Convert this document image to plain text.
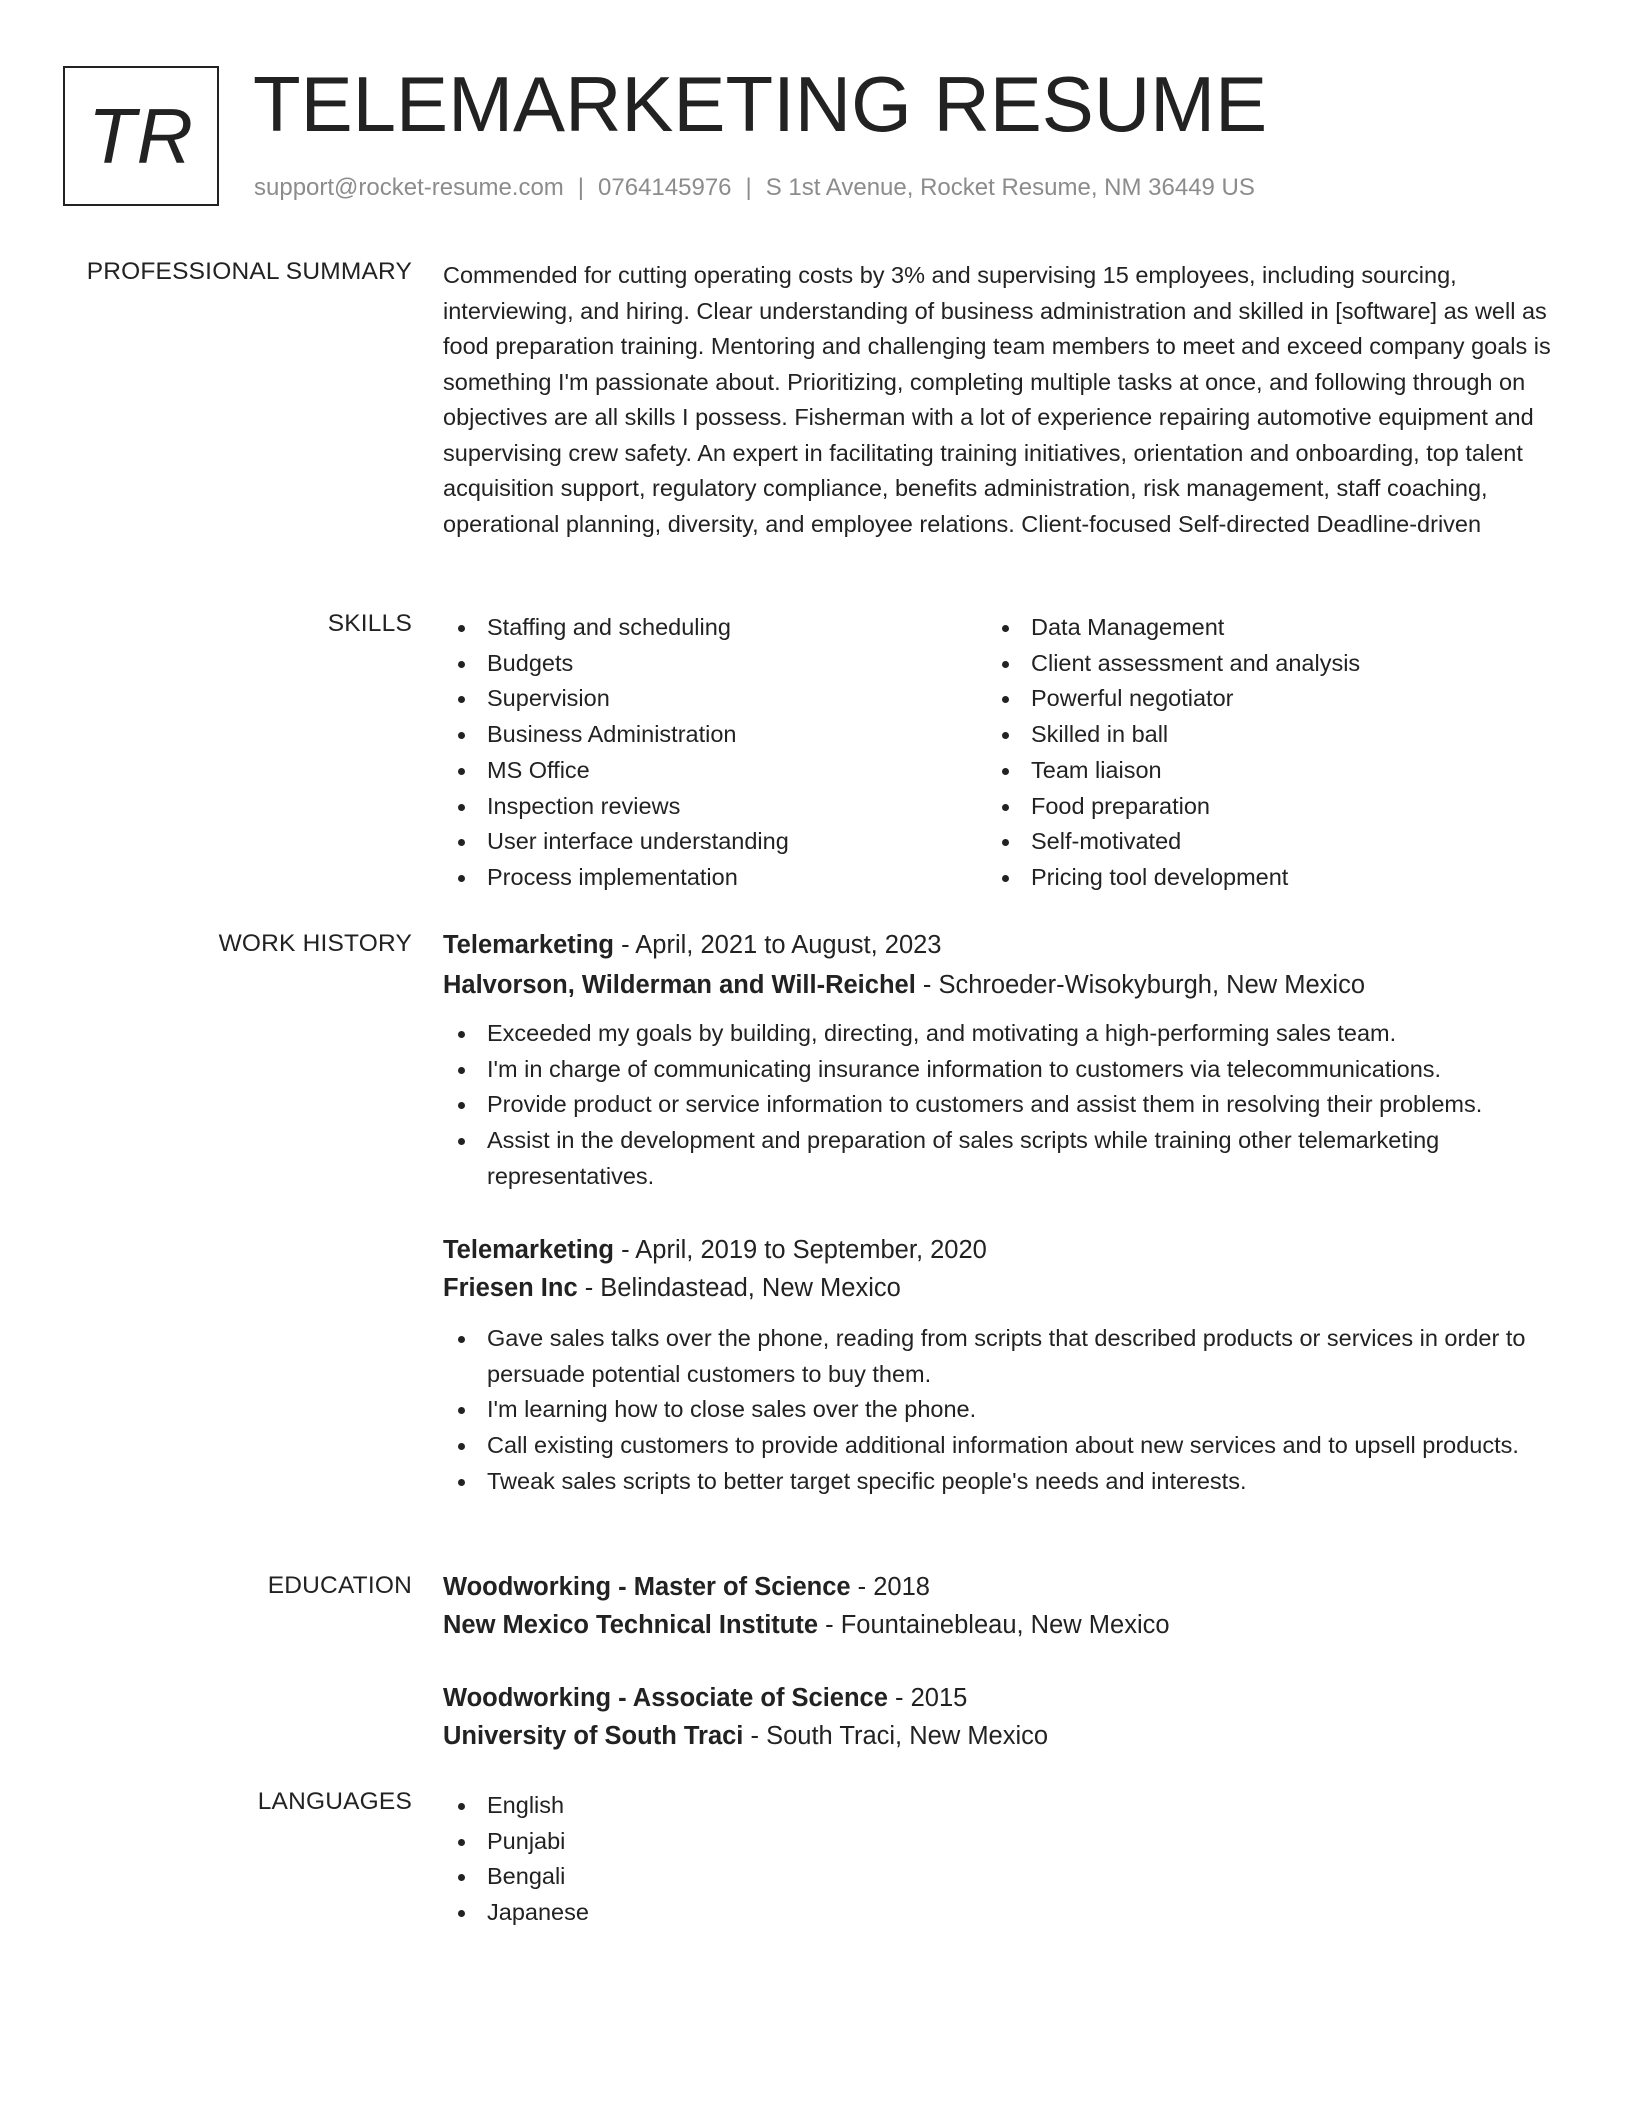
TR TELEMARKETING RESUME
support@rocket-resume.com | 0764145976 | S 1st Avenue, Rocket Resume, NM 36449 US
PROFESSIONAL SUMMARY Commended for cutting operating costs by 3% and supervising 15 employees, including sourcing, interviewing, and hiring. Clear understanding of business administration and skilled in [software] as well as food preparation training. Mentoring and challenging team members to meet and exceed company goals is something I'm passionate about. Prioritizing, completing multiple tasks at once, and following through on objectives are all skills I possess. Fisherman with a lot of experience repairing automotive equipment and supervising crew safety. An expert in facilitating training initiatives, orientation and onboarding, top talent acquisition support, regulatory compliance, benefits administration, risk management, staff coaching, operational planning, diversity, and employee relations. Client-focused Self-directed Deadline-driven
SKILLS	Staffing and scheduling
Budgets
Supervision
Business Administration
MS Office
Inspection reviews
User interface understanding
Process implementation
Data Management
Client assessment and analysis
Powerful negotiator
Skilled in ball
Team liaison
Food preparation
Self-motivated
Pricing tool development
WORK HISTORY Telemarketing - April, 2021 to August, 2023
Halvorson, Wilderman and Will-Reichel - Schroeder-Wisokyburgh, New Mexico
Exceeded my goals by building, directing, and motivating a high-performing sales team.
I'm in charge of communicating insurance information to customers via telecommunications.
Provide product or service information to customers and assist them in resolving their problems.
Assist in the development and preparation of sales scripts while training other telemarketing representatives.
Telemarketing - April, 2019 to September, 2020
Friesen Inc - Belindastead, New Mexico
Gave sales talks over the phone, reading from scripts that described products or services in order to persuade potential customers to buy them.
I'm learning how to close sales over the phone.
Call existing customers to provide additional information about new services and to upsell products.
Tweak sales scripts to better target specific people's needs and interests.
EDUCATION Woodworking - Master of Science - 2018
New Mexico Technical Institute - Fountainebleau, New Mexico
Woodworking - Associate of Science - 2015
University of South Traci - South Traci, New Mexico
LANGUAGES	English
Punjabi
Bengali
Japanese
